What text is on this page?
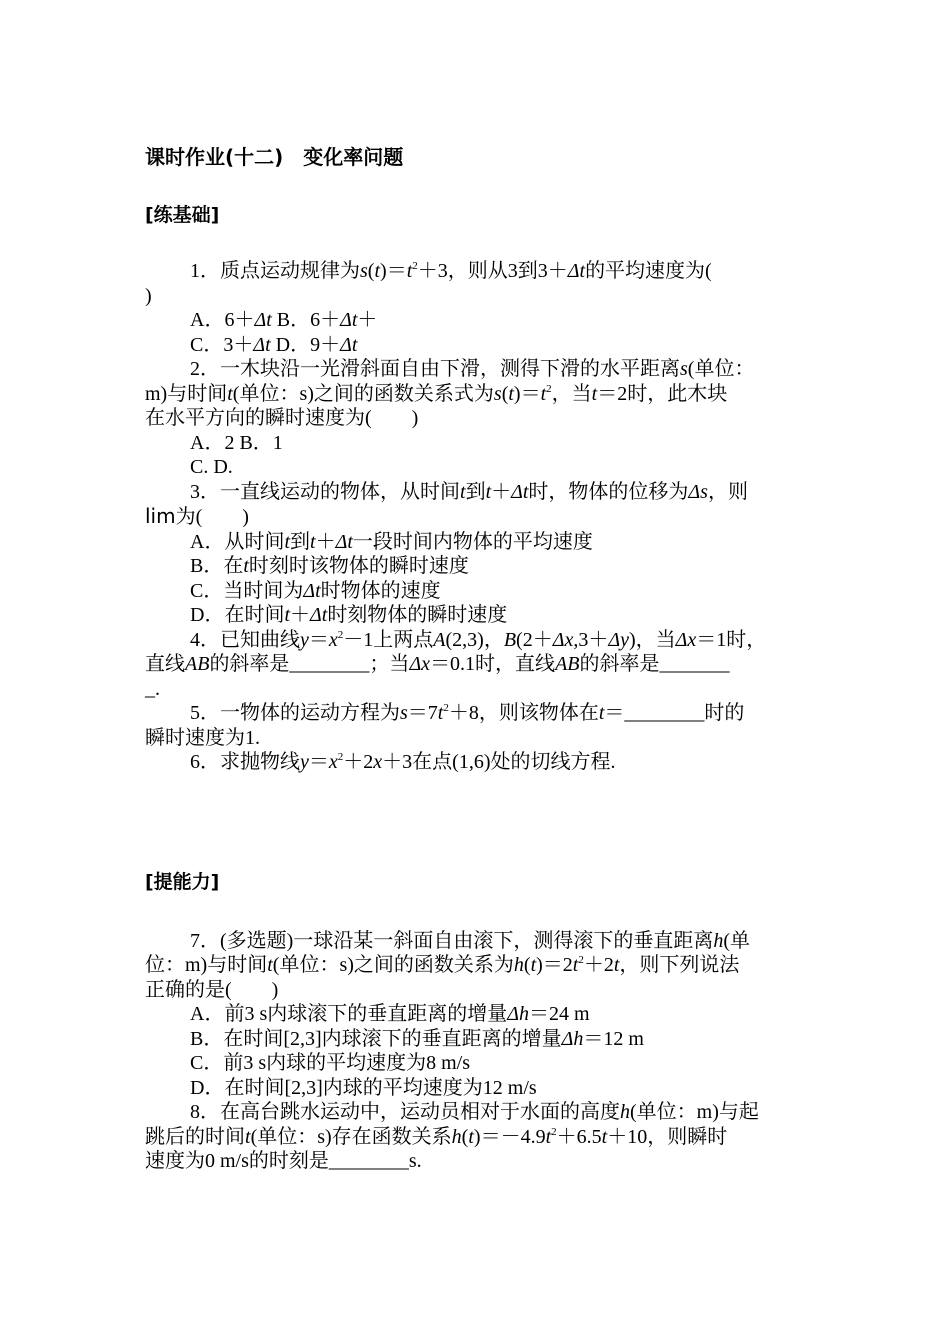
课时作业(十二)　变化率问题

[练基础]

1．质点运动规律为$s(t)=t^2+3$，则从3到3＋Δt的平均速度为(
)

A．6＋Δt B．6＋Δt＋

C．3＋Δt D．9＋Δt

2．一木块沿一光滑斜面自由下滑，测得下滑的水平距离s(单位：
m)与时间t(单位：s)之间的函数关系式为$s(t)=t^2$，当t＝2时，此木块
在水平方向的瞬时速度为(　　)

A．2 B．1

C. D.

3．一直线运动的物体，从时间t到t＋Δt时，物体的位移为Δs，则
lim为(　　)

A．从时间t到t＋Δt一段时间内物体的平均速度

B．在t时刻时该物体的瞬时速度

C．当时间为Δt时物体的速度

D．在时间t＋Δt时刻物体的瞬时速度

4．已知曲线$y=x^2-1$上两点A(2,3)，B(2＋Δx,3＋Δy)，当Δx＝1时，
直线AB的斜率是________；当Δx＝0.1时，直线AB的斜率是_______
_.

5．一物体的运动方程为$s=7t^2+8$，则该物体在t＝________时的
瞬时速度为1.

6．求抛物线$y=x^2+2x+3$在点(1,6)处的切线方程.

[提能力]

7．(多选题)一球沿某一斜面自由滚下，测得滚下的垂直距离h(单
位：m)与时间t(单位：s)之间的函数关系为$h(t)=2t^2+2t$，则下列说法
正确的是(　　)

A．前3 s内球滚下的垂直距离的增量Δh＝24 m

B．在时间[2,3]内球滚下的垂直距离的增量Δh＝12 m

C．前3 s内球的平均速度为8 m/s

D．在时间[2,3]内球的平均速度为12 m/s

8．在高台跳水运动中，运动员相对于水面的高度h(单位：m)与起
跳后的时间t(单位：s)存在函数关系$h(t)=-4.9t^2+6.5t+10$，则瞬时
速度为0 m/s的时刻是________s.
